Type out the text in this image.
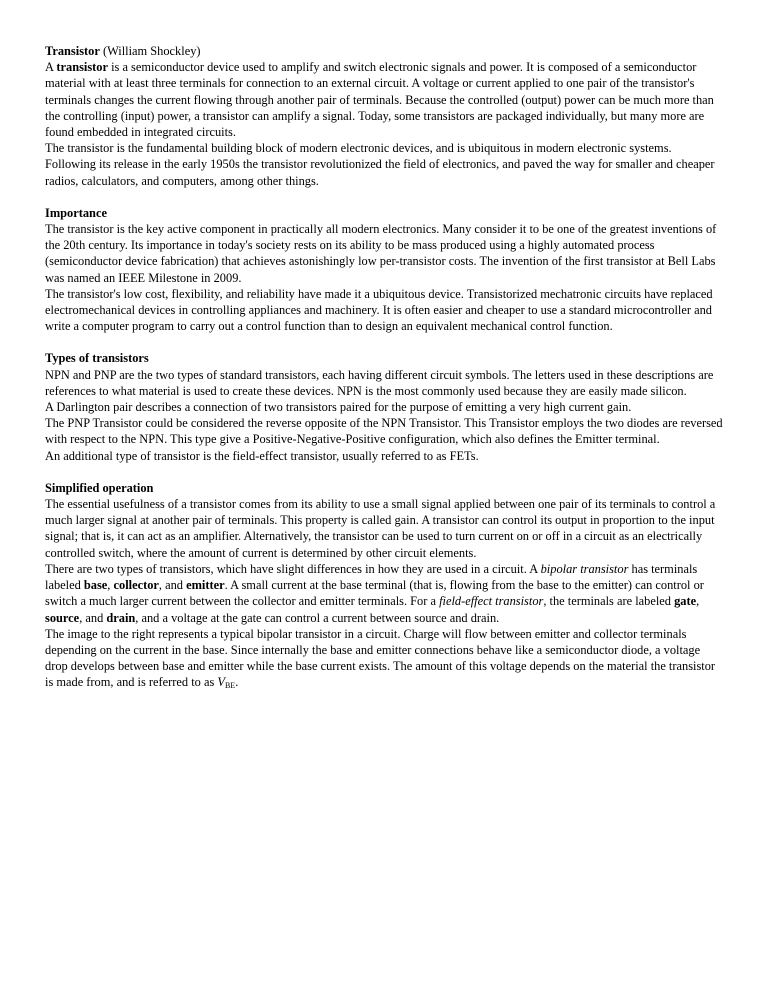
Transistor (William Shockley)

A transistor is a semiconductor device used to amplify and switch electronic signals and power. It is composed of a semiconductor material with at least three terminals for connection to an external circuit. A voltage or current applied to one pair of the transistor's terminals changes the current flowing through another pair of terminals. Because the controlled (output) power can be much more than the controlling (input) power, a transistor can amplify a signal. Today, some transistors are packaged individually, but many more are found embedded in integrated circuits.

The transistor is the fundamental building block of modern electronic devices, and is ubiquitous in modern electronic systems. Following its release in the early 1950s the transistor revolutionized the field of electronics, and paved the way for smaller and cheaper radios, calculators, and computers, among other things.

Importance

The transistor is the key active component in practically all modern electronics. Many consider it to be one of the greatest inventions of the 20th century. Its importance in today's society rests on its ability to be mass produced using a highly automated process (semiconductor device fabrication) that achieves astonishingly low per-transistor costs. The invention of the first transistor at Bell Labs was named an IEEE Milestone in 2009.

The transistor's low cost, flexibility, and reliability have made it a ubiquitous device. Transistorized mechatronic circuits have replaced electromechanical devices in controlling appliances and machinery. It is often easier and cheaper to use a standard microcontroller and write a computer program to carry out a control function than to design an equivalent mechanical control function.

Types of transistors

NPN and PNP are the two types of standard transistors, each having different circuit symbols. The letters used in these descriptions are references to what material is used to create these devices. NPN is the most commonly used because they are easily made silicon.

A Darlington pair describes a connection of two transistors paired for the purpose of emitting a very high current gain.

The PNP Transistor could be considered the reverse opposite of the NPN Transistor. This Transistor employs the two diodes are reversed with respect to the NPN. This type give a Positive-Negative-Positive configuration, which also defines the Emitter terminal.

An additional type of transistor is the field-effect transistor, usually referred to as FETs.

Simplified operation

The essential usefulness of a transistor comes from its ability to use a small signal applied between one pair of its terminals to control a much larger signal at another pair of terminals. This property is called gain. A transistor can control its output in proportion to the input signal; that is, it can act as an amplifier. Alternatively, the transistor can be used to turn current on or off in a circuit as an electrically controlled switch, where the amount of current is determined by other circuit elements.

There are two types of transistors, which have slight differences in how they are used in a circuit. A bipolar transistor has terminals labeled base, collector, and emitter. A small current at the base terminal (that is, flowing from the base to the emitter) can control or switch a much larger current between the collector and emitter terminals. For a field-effect transistor, the terminals are labeled gate, source, and drain, and a voltage at the gate can control a current between source and drain.

The image to the right represents a typical bipolar transistor in a circuit. Charge will flow between emitter and collector terminals depending on the current in the base. Since internally the base and emitter connections behave like a semiconductor diode, a voltage drop develops between base and emitter while the base current exists. The amount of this voltage depends on the material the transistor is made from, and is referred to as $V_{BE}$.
